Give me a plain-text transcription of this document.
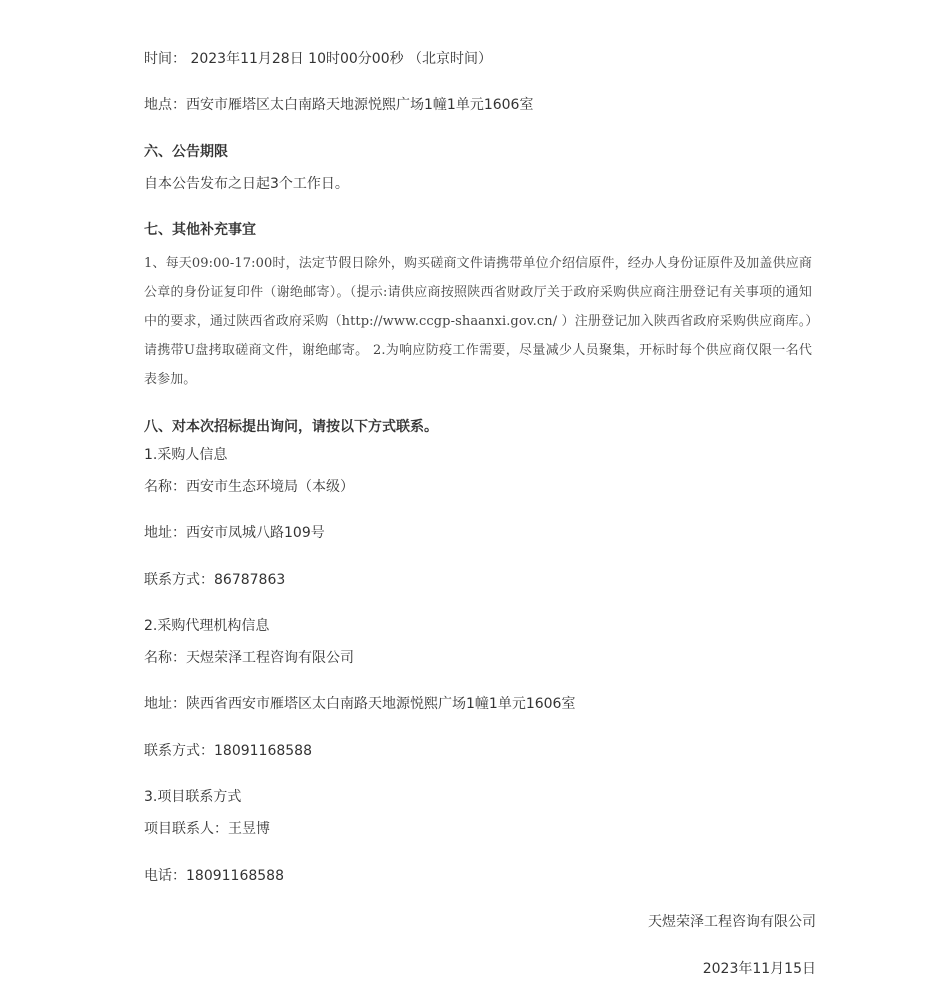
时间： 2023年11月28日 10时00分00秒 （北京时间）
地点：西安市雁塔区太白南路天地源悦熙广场1幢1单元1606室
六、公告期限
自本公告发布之日起3个工作日。
七、其他补充事宜
1、每天09:00-17:00时，法定节假日除外，购买磋商文件请携带单位介绍信原件，经办人身份证原件及加盖供应商公章的身份证复印件（谢绝邮寄）。（提示:请供应商按照陕西省财政厅关于政府采购供应商注册登记有关事项的通知中的要求，通过陕西省政府采购（http://www.ccgp-shaanxi.gov.cn/ ）注册登记加入陕西省政府采购供应商库。）请携带U盘拷取磋商文件，谢绝邮寄。 2.为响应防疫工作需要，尽量减少人员聚集，开标时每个供应商仅限一名代表参加。
八、对本次招标提出询问，请按以下方式联系。
1.采购人信息
名称：西安市生态环境局（本级）
地址：西安市凤城八路109号
联系方式：86787863
2.采购代理机构信息
名称：天煜荣泽工程咨询有限公司
地址：陕西省西安市雁塔区太白南路天地源悦熙广场1幢1单元1606室
联系方式：18091168588
3.项目联系方式
项目联系人：王昱博
电话：18091168588
天煜荣泽工程咨询有限公司
2023年11月15日
